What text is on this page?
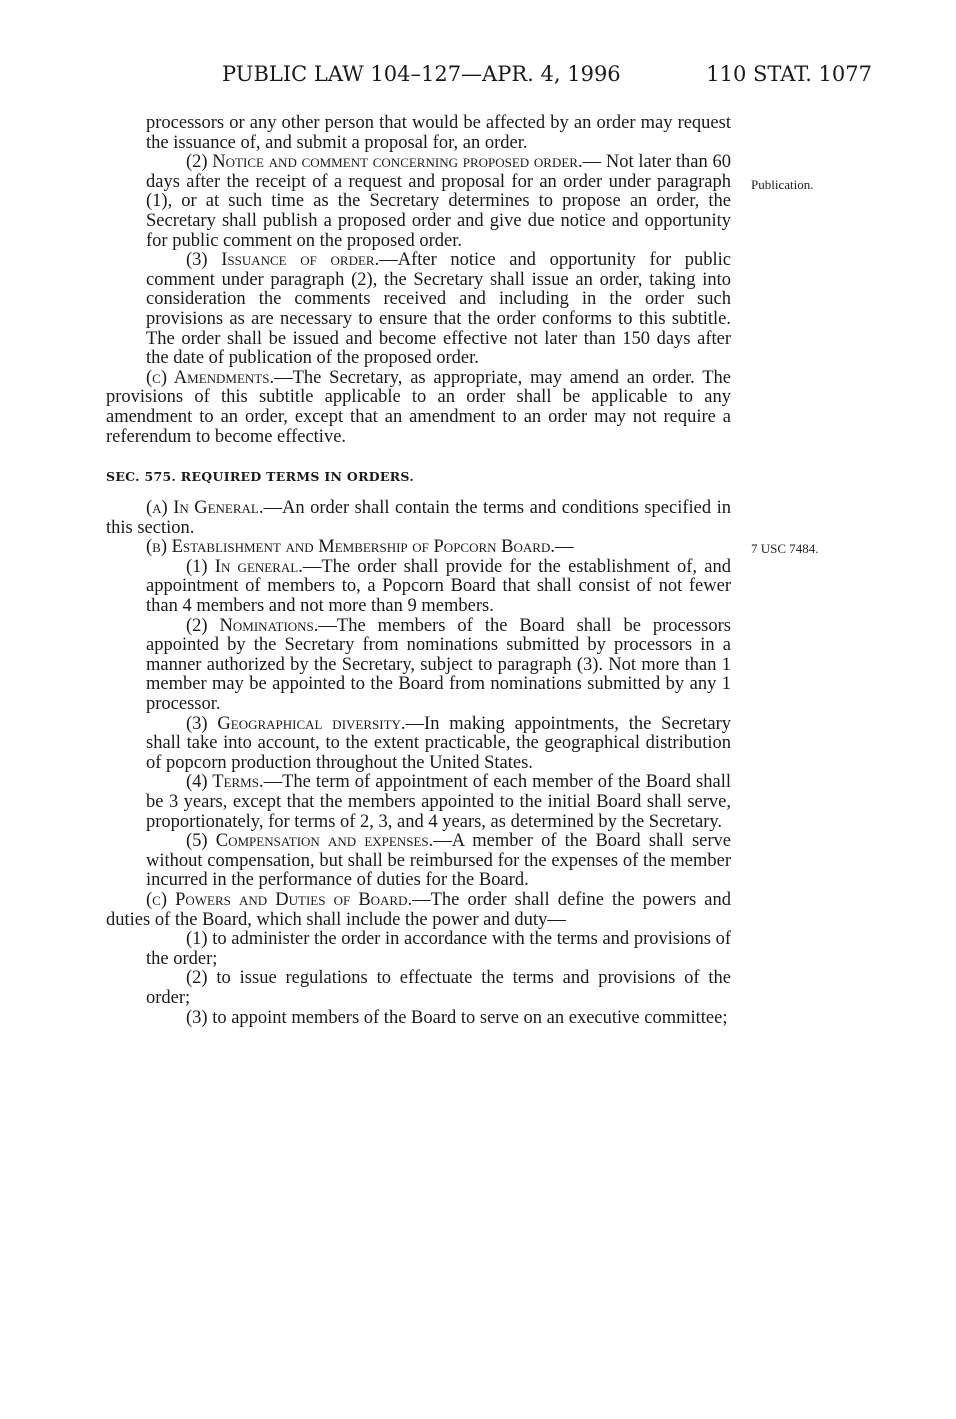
PUBLIC LAW 104–127—APR. 4, 1996	110 STAT. 1077
Publication.
7 USC 7484.

processors or any other person that would be affected by an order may request the issuance of, and submit a proposal for, an order.

(2) Notice and comment concerning proposed order.— Not later than 60 days after the receipt of a request and proposal for an order under paragraph (1), or at such time as the Secretary determines to propose an order, the Secretary shall publish a proposed order and give due notice and opportunity for public comment on the proposed order.

(3) Issuance of order.—After notice and opportunity for public comment under paragraph (2), the Secretary shall issue an order, taking into consideration the comments received and including in the order such provisions as are necessary to ensure that the order conforms to this subtitle. The order shall be issued and become effective not later than 150 days after the date of publication of the proposed order.

(c) Amendments.—The Secretary, as appropriate, may amend an order. The provisions of this subtitle applicable to an order shall be applicable to any amendment to an order, except that an amendment to an order may not require a referendum to become effective.

SEC. 575. REQUIRED TERMS IN ORDERS.

(a) In General.—An order shall contain the terms and conditions specified in this section.

(b) Establishment and Membership of Popcorn Board.—

(1) In general.—The order shall provide for the establishment of, and appointment of members to, a Popcorn Board that shall consist of not fewer than 4 members and not more than 9 members.

(2) Nominations.—The members of the Board shall be processors appointed by the Secretary from nominations submitted by processors in a manner authorized by the Secretary, subject to paragraph (3). Not more than 1 member may be appointed to the Board from nominations submitted by any 1 processor.

(3) Geographical diversity.—In making appointments, the Secretary shall take into account, to the extent practicable, the geographical distribution of popcorn production throughout the United States.

(4) Terms.—The term of appointment of each member of the Board shall be 3 years, except that the members appointed to the initial Board shall serve, proportionately, for terms of 2, 3, and 4 years, as determined by the Secretary.

(5) Compensation and expenses.—A member of the Board shall serve without compensation, but shall be reimbursed for the expenses of the member incurred in the performance of duties for the Board.

(c) Powers and Duties of Board.—The order shall define the powers and duties of the Board, which shall include the power and duty—

(1) to administer the order in accordance with the terms and provisions of the order;

(2) to issue regulations to effectuate the terms and provisions of the order;

(3) to appoint members of the Board to serve on an executive committee;
